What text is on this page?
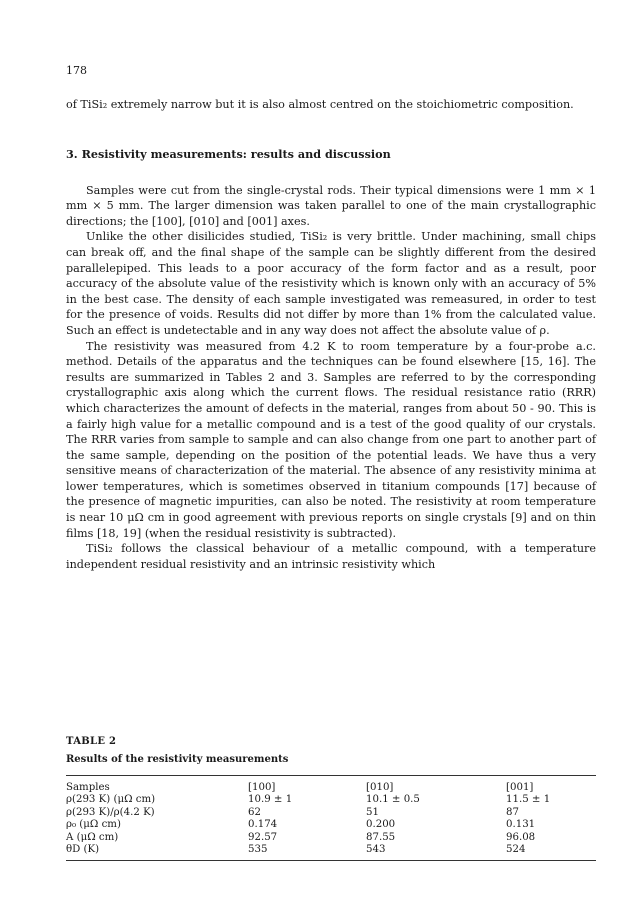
178

of TiSi₂ extremely narrow but it is also almost centred on the stoichiometric composition.

3. Resistivity measurements: results and discussion

Samples were cut from the single-crystal rods. Their typical dimensions were 1 mm × 1 mm × 5 mm. The larger dimension was taken parallel to one of the main crystallographic directions; the [100], [010] and [001] axes.

Unlike the other disilicides studied, TiSi₂ is very brittle. Under machining, small chips can break off, and the final shape of the sample can be slightly different from the desired parallelepiped. This leads to a poor accuracy of the form factor and as a result, poor accuracy of the absolute value of the resistivity which is known only with an accuracy of 5% in the best case. The density of each sample investigated was remeasured, in order to test for the presence of voids. Results did not differ by more than 1% from the calculated value. Such an effect is undetectable and in any way does not affect the absolute value of ρ.

The resistivity was measured from 4.2 K to room temperature by a four-probe a.c. method. Details of the apparatus and the techniques can be found elsewhere [15, 16]. The results are summarized in Tables 2 and 3. Samples are referred to by the corresponding crystallographic axis along which the current flows. The residual resistance ratio (RRR) which characterizes the amount of defects in the material, ranges from about 50 - 90. This is a fairly high value for a metallic compound and is a test of the good quality of our crystals. The RRR varies from sample to sample and can also change from one part to another part of the same sample, depending on the position of the potential leads. We have thus a very sensitive means of characterization of the material. The absence of any resistivity minima at lower temperatures, which is sometimes observed in titanium compounds [17] because of the presence of magnetic impurities, can also be noted. The resistivity at room temperature is near 10 μΩ cm in good agreement with previous reports on single crystals [9] and on thin films [18, 19] (when the residual resistivity is subtracted).

TiSi₂ follows the classical behaviour of a metallic compound, with a temperature independent residual resistivity and an intrinsic resistivity which

TABLE 2
Results of the resistivity measurements
Samples	[100]	[010]	[001]
ρ(293 K) (μΩ cm)	10.9 ± 1	10.1 ± 0.5	11.5 ± 1
ρ(293 K)/ρ(4.2 K)	62	51	87
ρ₀ (μΩ cm)	0.174	0.200	0.131
A (μΩ cm)	92.57	87.55	96.08
θD (K)	535	543	524
